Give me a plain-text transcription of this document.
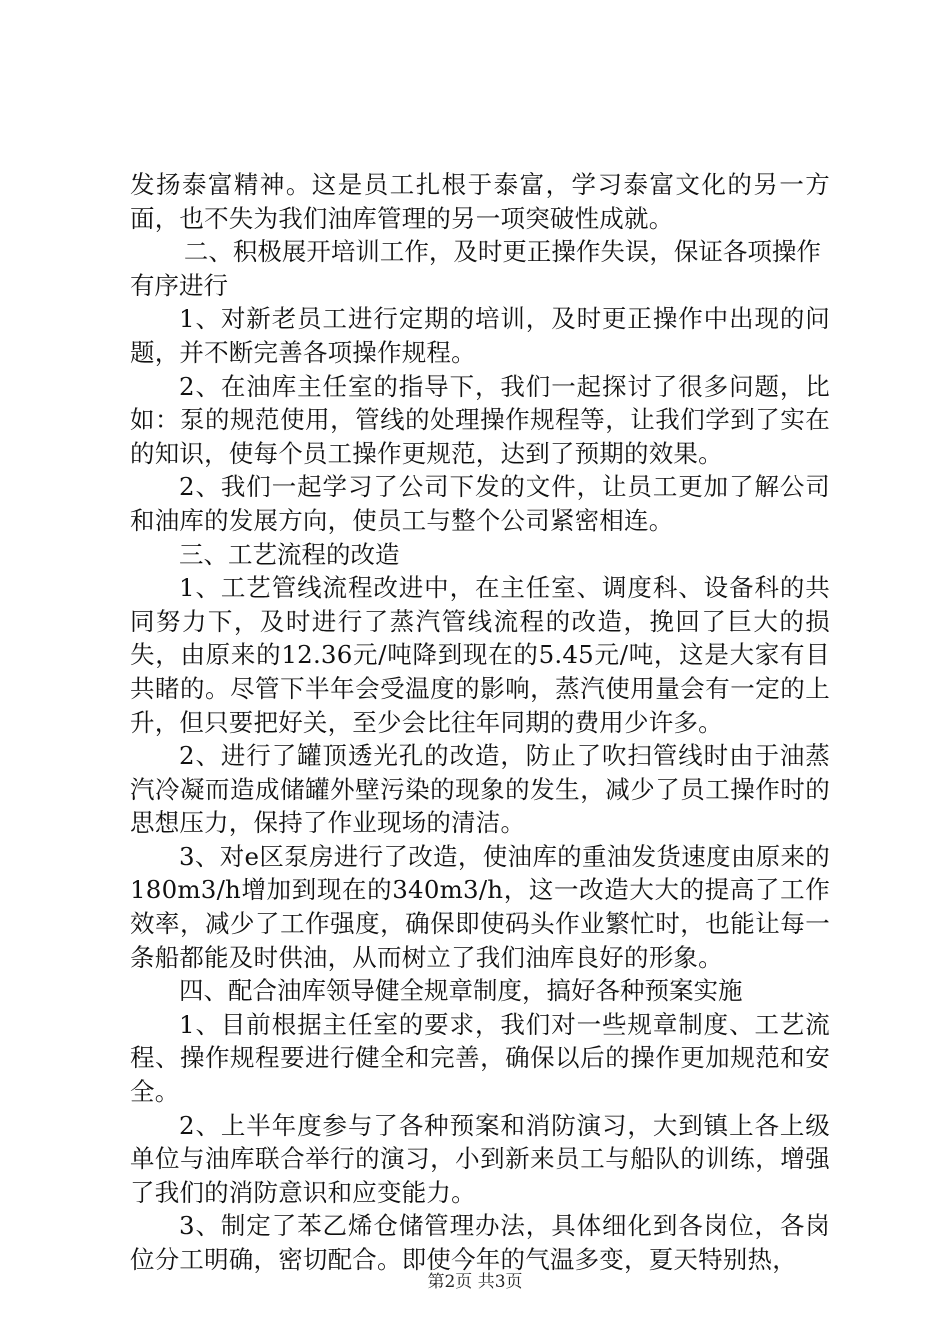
发扬泰富精神。这是员工扎根于泰富，学习泰富文化的另一方面，也不失为我们油库管理的另一项突破性成就。

二、积极展开培训工作，及时更正操作失误，保证各项操作有序进行

1、对新老员工进行定期的培训，及时更正操作中出现的问题，并不断完善各项操作规程。

2、在油库主任室的指导下，我们一起探讨了很多问题，比如：泵的规范使用，管线的处理操作规程等，让我们学到了实在的知识，使每个员工操作更规范，达到了预期的效果。

2、我们一起学习了公司下发的文件，让员工更加了解公司和油库的发展方向，使员工与整个公司紧密相连。

三、工艺流程的改造

1、工艺管线流程改进中，在主任室、调度科、设备科的共同努力下，及时进行了蒸汽管线流程的改造，挽回了巨大的损失，由原来的12.36元/吨降到现在的5.45元/吨，这是大家有目共睹的。尽管下半年会受温度的影响，蒸汽使用量会有一定的上升，但只要把好关，至少会比往年同期的费用少许多。

2、进行了罐顶透光孔的改造，防止了吹扫管线时由于油蒸汽冷凝而造成储罐外壁污染的现象的发生，减少了员工操作时的思想压力，保持了作业现场的清洁。

3、对e区泵房进行了改造，使油库的重油发货速度由原来的180m3/h增加到现在的340m3/h，这一改造大大的提高了工作效率，减少了工作强度，确保即使码头作业繁忙时，也能让每一条船都能及时供油，从而树立了我们油库良好的形象。

四、配合油库领导健全规章制度，搞好各种预案实施

1、目前根据主任室的要求，我们对一些规章制度、工艺流程、操作规程要进行健全和完善，确保以后的操作更加规范和安全。

2、上半年度参与了各种预案和消防演习，大到镇上各上级单位与油库联合举行的演习，小到新来员工与船队的训练，增强了我们的消防意识和应变能力。

3、制定了苯乙烯仓储管理办法，具体细化到各岗位，各岗位分工明确，密切配合。即使今年的气温多变，夏天特别热，

第2页 共3页
